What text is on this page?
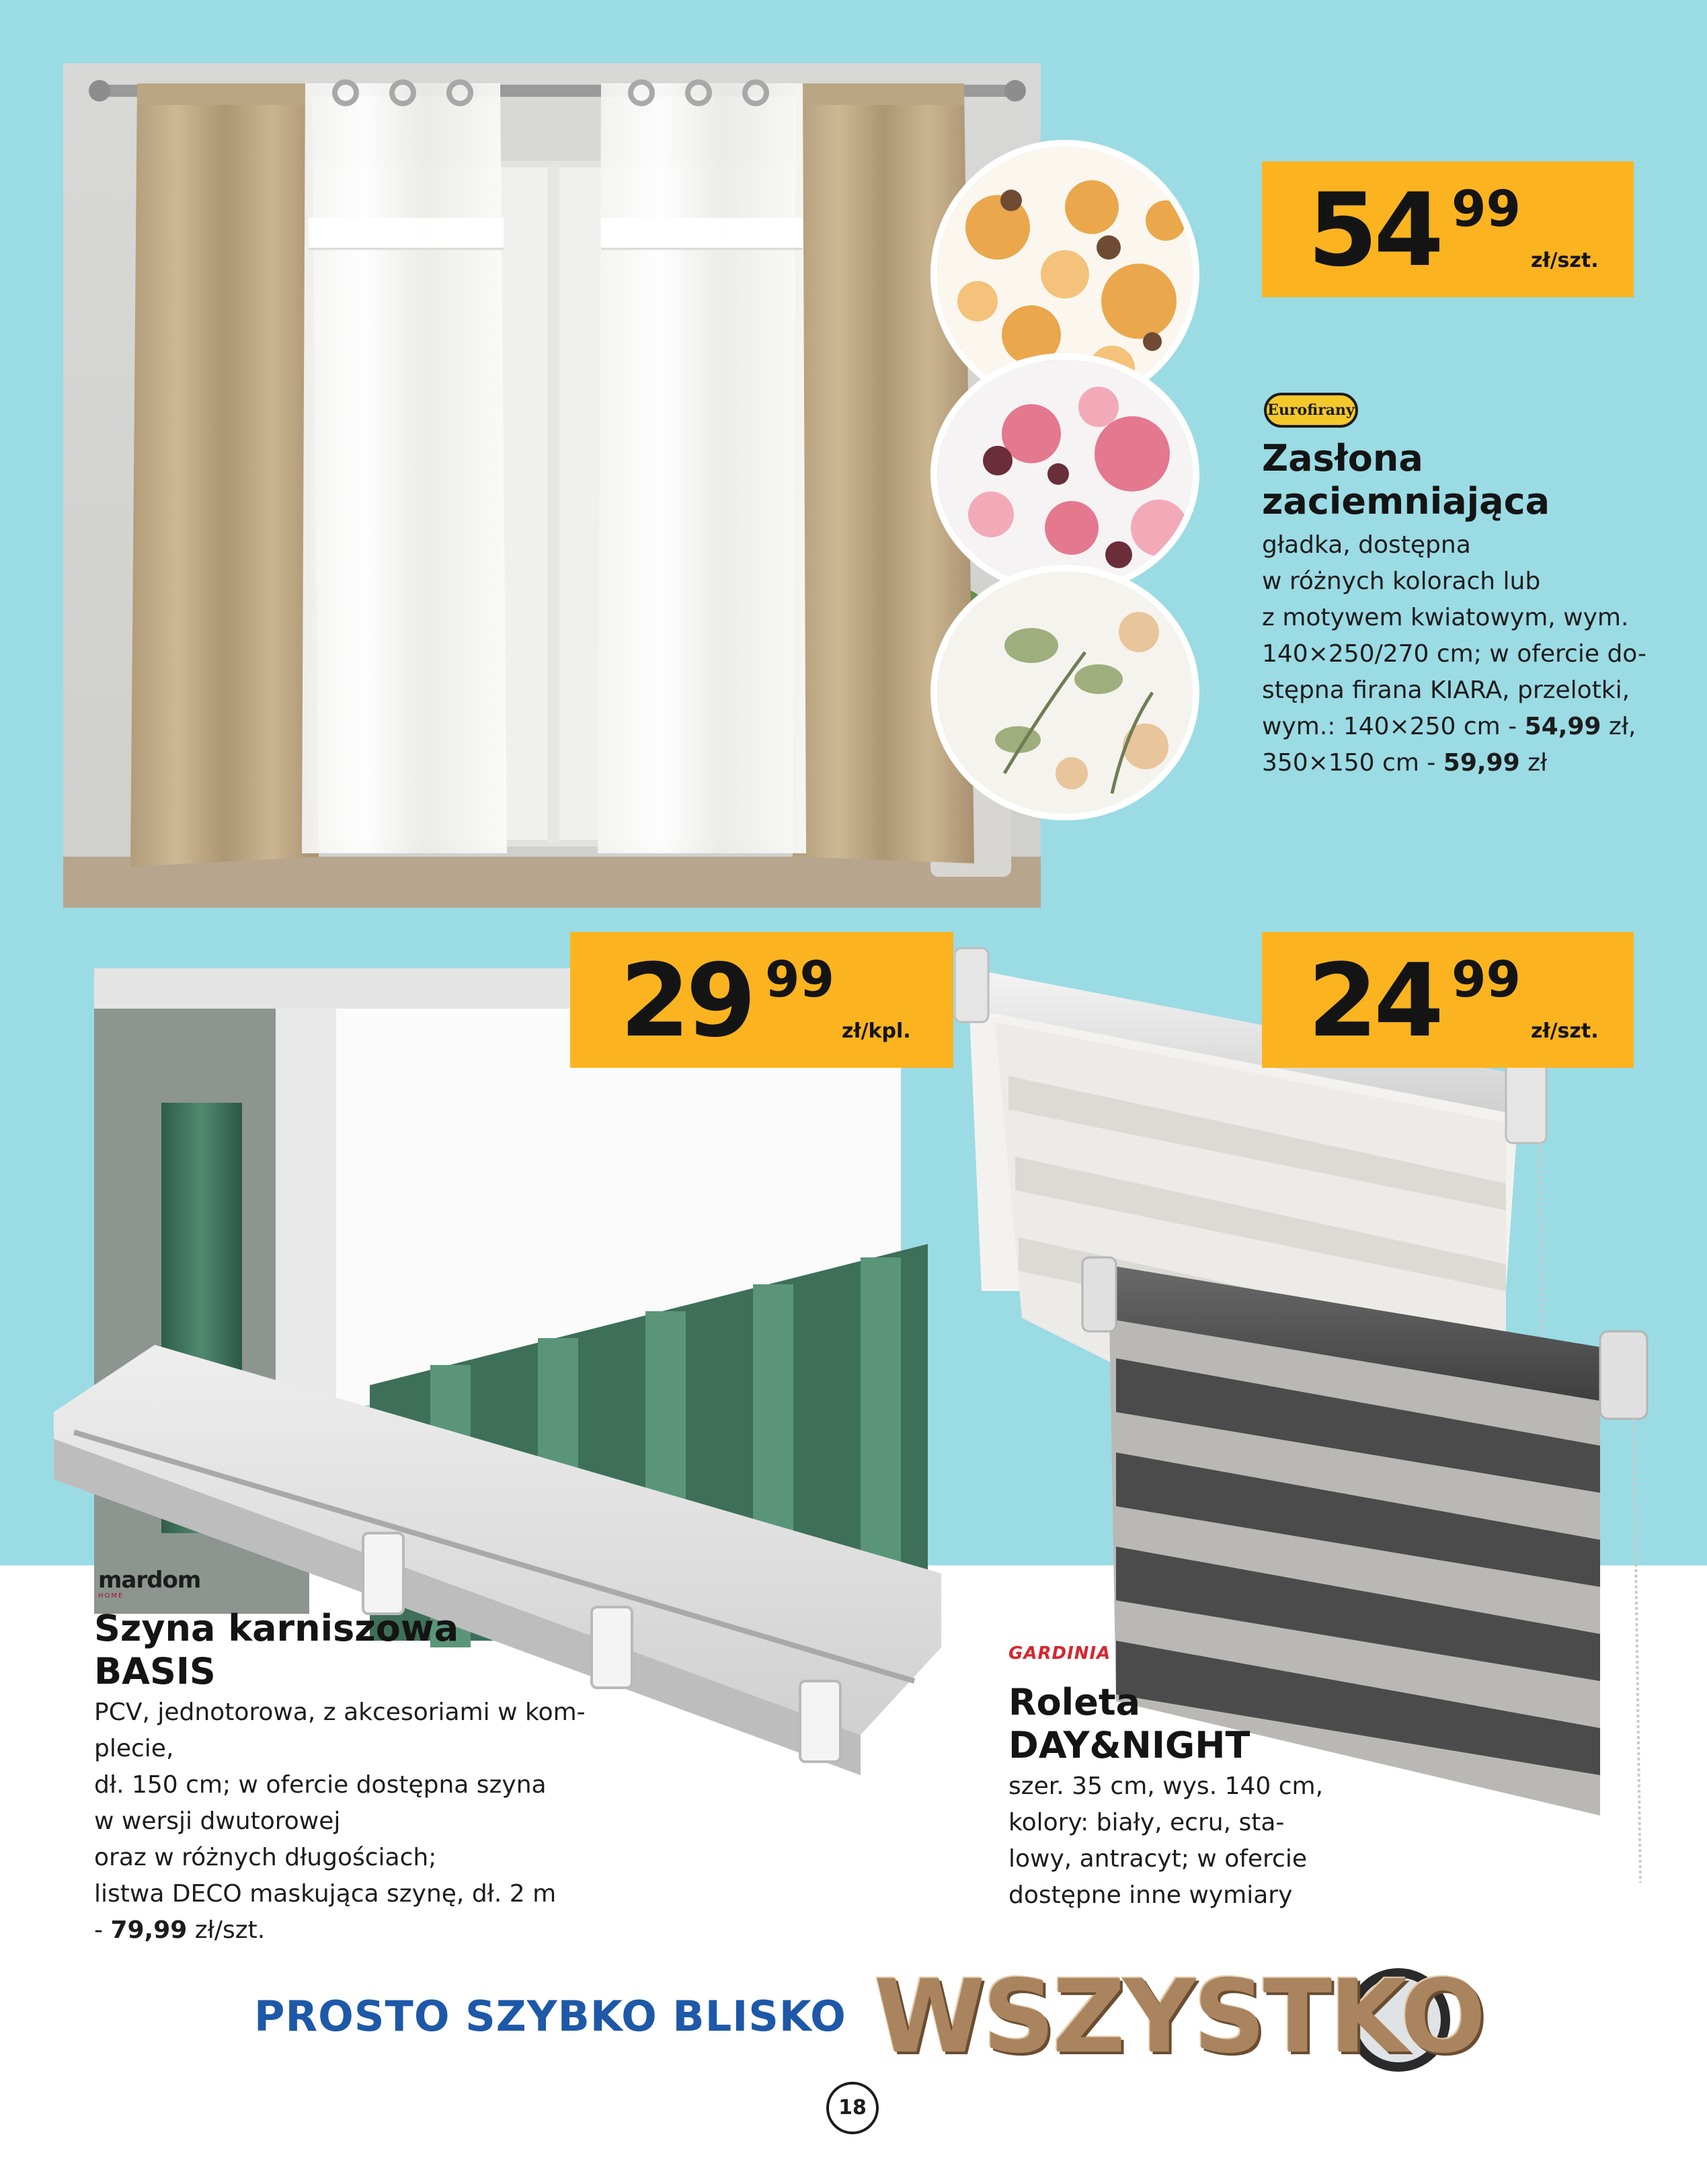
54 99
zł/szt.
Eurofirany
Zasłona
zaciemniająca
gładka, dostępna
w różnych kolorach lub
z motywem kwiatowym, wym.
140×250/270 cm; w ofercie do-
stępna firana KIARA, przelotki,
wym.: 140×250 cm - 54,99 zł,
350×150 cm - 59,99 zł
29 99
zł/kpl.
mardom
HOME
Szyna karniszowa
BASIS
PCV, jednotorowa, z akcesoriami w kom-
plecie,
dł. 150 cm; w ofercie dostępna szyna
w wersji dwutorowej
oraz w różnych długościach;
listwa DECO maskująca szynę, dł. 2 m
- 79,99 zł/szt.
24 99
zł/szt.
GARDINIA
Roleta
DAY&NIGHT
szer. 35 cm, wys. 140 cm,
kolory: biały, ecru, sta-
lowy, antracyt; w ofercie
dostępne inne wymiary
PROSTO SZYBKO BLISKO WSZYSTKO
18
